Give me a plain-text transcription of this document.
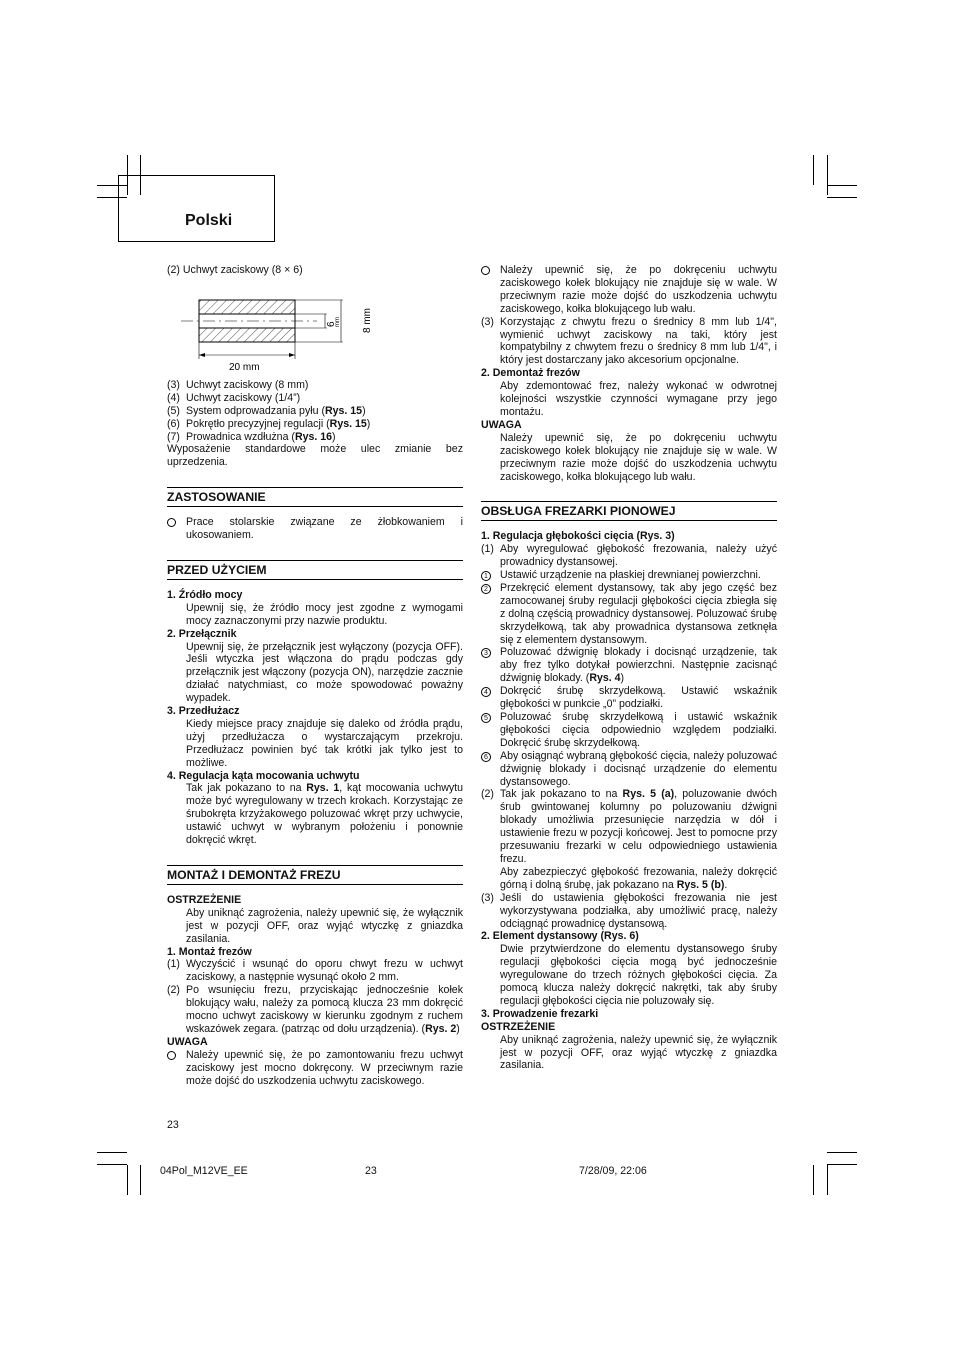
Polski
(2) Uchwyt zaciskowy (8 × 6)
20 mm
6
mm 8 mm
(3) Uchwyt zaciskowy (8 mm)
(4) Uchwyt zaciskowy (1/4”)
(5) System odprowadzania pyłu (Rys. 15)
(6) Pokrętło precyzyjnej regulacji (Rys. 15)
(7) Prowadnica wzdłużna (Rys. 16)
Wyposażenie standardowe może ulec zmianie bez uprzedzenia.
ZASTOSOWANIE
Prace stolarskie związane ze żłobkowaniem i ukosowaniem.
PRZED UŻYCIEM
1. Źródło mocy
Upewnij się, że źródło mocy jest zgodne z wymogami mocy zaznaczonymi przy nazwie produktu.
2. Przełącznik
Upewnij się, że przełącznik jest wyłączony (pozycja OFF). Jeśli wtyczka jest włączona do prądu podczas gdy przełącznik jest włączony (pozycja ON), narzędzie zacznie działać natychmiast, co może spowodować poważny wypadek.
3. Przedłużacz
Kiedy miejsce pracy znajduje się daleko od źródła prądu, użyj przedłużacza o wystarczającym przekroju. Przedłużacz powinien być tak krótki jak tylko jest to możliwe.
4. Regulacja kąta mocowania uchwytu
Tak jak pokazano to na Rys. 1, kąt mocowania uchwytu może być wyregulowany w trzech krokach. Korzystając ze śrubokręta krzyżakowego poluzować wkręt przy uchwycie, ustawić uchwyt w wybranym położeniu i ponownie dokręcić wkręt.
MONTAŻ I DEMONTAŻ FREZU
OSTRZEŻENIE
Aby uniknąć zagrożenia, należy upewnić się, że wyłącznik jest w pozycji OFF, oraz wyjąć wtyczkę z gniazdka zasilania.
1. Montaż frezów
(1) Wyczyścić i wsunąć do oporu chwyt frezu w uchwyt zaciskowy, a następnie wysunąć około 2 mm.
(2) Po wsunięciu frezu, przyciskając jednocześnie kołek blokujący wału, należy za pomocą klucza 23 mm dokręcić mocno uchwyt zaciskowy w kierunku zgodnym z ruchem wskazówek zegara. (patrząc od dołu urządzenia). (Rys. 2)
UWAGA
Należy upewnić się, że po zamontowaniu frezu uchwyt zaciskowy jest mocno dokręcony. W przeciwnym razie może dojść do uszkodzenia uchwytu zaciskowego.
Należy upewnić się, że po dokręceniu uchwytu zaciskowego kołek blokujący nie znajduje się w wale. W przeciwnym razie może dojść do uszkodzenia uchwytu zaciskowego, kołka blokującego lub wału.
(3) Korzystając z chwytu frezu o średnicy 8 mm lub 1/4", wymienić uchwyt zaciskowy na taki, który jest kompatybilny z chwytem frezu o średnicy 8 mm lub 1/4", i który jest dostarczany jako akcesorium opcjonalne.
2. Demontaż frezów
Aby zdemontować frez, należy wykonać w odwrotnej kolejności wszystkie czynności wymagane przy jego montażu.
UWAGA
Należy upewnić się, że po dokręceniu uchwytu zaciskowego kołek blokujący nie znajduje się w wale. W przeciwnym razie może dojść do uszkodzenia uchwytu zaciskowego, kołka blokującego lub wału.
OBSŁUGA FREZARKI PIONOWEJ
1. Regulacja głębokości cięcia (Rys. 3)
(1) Aby wyregulować głębokość frezowania, należy użyć prowadnicy dystansowej.
1	Ustawić urządzenie na płaskiej drewnianej powierzchni.
2	Przekręcić element dystansowy, tak aby jego część bez zamocowanej śruby regulacji głębokości cięcia zbiegła się z dolną częścią prowadnicy dystansowej. Poluzować śrubę skrzydełkową, tak aby prowadnica dystansowa zetknęła się z elementem dystansowym.
3	Poluzować dźwignię blokady i docisnąć urządzenie, tak aby frez tylko dotykał powierzchni. Następnie zacisnąć dźwignię blokady. (Rys. 4)
4	Dokręcić śrubę skrzydełkową. Ustawić wskaźnik głębokości w punkcie „0” podziałki.
5	Poluzować śrubę skrzydełkową i ustawić wskaźnik głębokości cięcia odpowiednio względem podziałki. Dokręcić śrubę skrzydełkową.
6	Aby osiągnąć wybraną głębokość cięcia, należy poluzować dźwignię blokady i docisnąć urządzenie do elementu dystansowego.
(2) Tak jak pokazano to na Rys. 5 (a), poluzowanie dwóch śrub gwintowanej kolumny po poluzowaniu dźwigni blokady umożliwia przesunięcie narzędzia w dół i ustawienie frezu w pozycji końcowej. Jest to pomocne przy przesuwaniu frezarki w celu odpowiedniego ustawienia frezu.
Aby zabezpieczyć głębokość frezowania, należy dokręcić górną i dolną śrubę, jak pokazano na Rys. 5 (b).
(3) Jeśli do ustawienia głębokości frezowania nie jest wykorzystywana podziałka, aby umożliwić pracę, należy odciągnąć prowadnicę dystansową.
2. Element dystansowy (Rys. 6)
Dwie przytwierdzone do elementu dystansowego śruby regulacji głębokości cięcia mogą być jednocześnie wyregulowane do trzech różnych głębokości cięcia. Za pomocą klucza należy dokręcić nakrętki, tak aby śruby regulacji głębokości cięcia nie poluzowały się.
3. Prowadzenie frezarki
OSTRZEŻENIE
Aby uniknąć zagrożenia, należy upewnić się, że wyłącznik jest w pozycji OFF, oraz wyjąć wtyczkę z gniazdka zasilania.
23
04Pol_M12VE_EE	23	7/28/09, 22:06
